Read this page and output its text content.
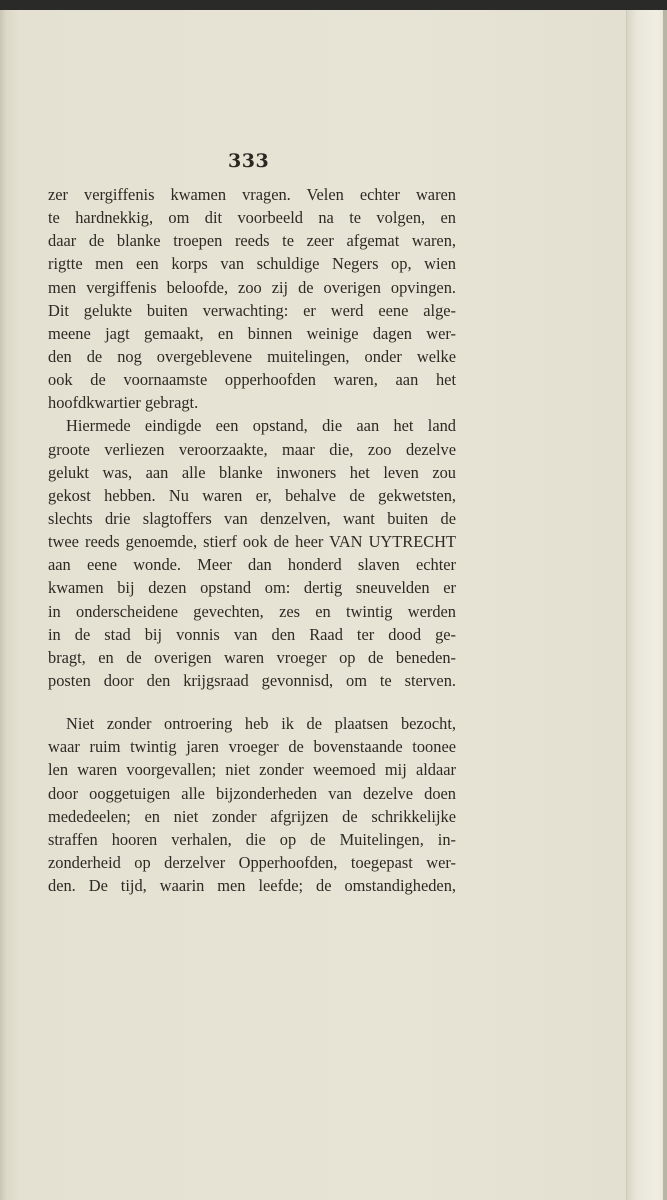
333
zer vergiffenis kwamen vragen. Velen echter waren
te hardnekkig, om dit voorbeeld na te volgen, en
daar de blanke troepen reeds te zeer afgemat waren,
rigtte men een korps van schuldige Negers op, wien
men vergiffenis beloofde, zoo zij de overigen opvingen.
Dit gelukte buiten verwachting: er werd eene alge-
meene jagt gemaakt, en binnen weinige dagen wer-
den de nog overgeblevene muitelingen, onder welke
ook de voornaamste opperhoofden waren, aan het
hoofdkwartier gebragt.
Hiermede eindigde een opstand, die aan het land
groote verliezen veroorzaakte, maar die, zoo dezelve
gelukt was, aan alle blanke inwoners het leven zou
gekost hebben. Nu waren er, behalve de gekwetsten,
slechts drie slagtoffers van denzelven, want buiten de
twee reeds genoemde, stierf ook de heer VAN UYTRECHT
aan eene wonde. Meer dan honderd slaven echter
kwamen bij dezen opstand om: dertig sneuvelden er
in onderscheidene gevechten, zes en twintig werden
in de stad bij vonnis van den Raad ter dood ge-
bragt, en de overigen waren vroeger op de beneden-
posten door den krijgsraad gevonnisd, om te sterven.
Niet zonder ontroering heb ik de plaatsen bezocht,
waar ruim twintig jaren vroeger de bovenstaande toonee
len waren voorgevallen; niet zonder weemoed mij aldaar
door ooggetuigen alle bijzonderheden van dezelve doen
mededeelen; en niet zonder afgrijzen de schrikkelijke
straffen hooren verhalen, die op de Muitelingen, in-
zonderheid op derzelver Opperhoofden, toegepast wer-
den. De tijd, waarin men leefde; de omstandigheden,
